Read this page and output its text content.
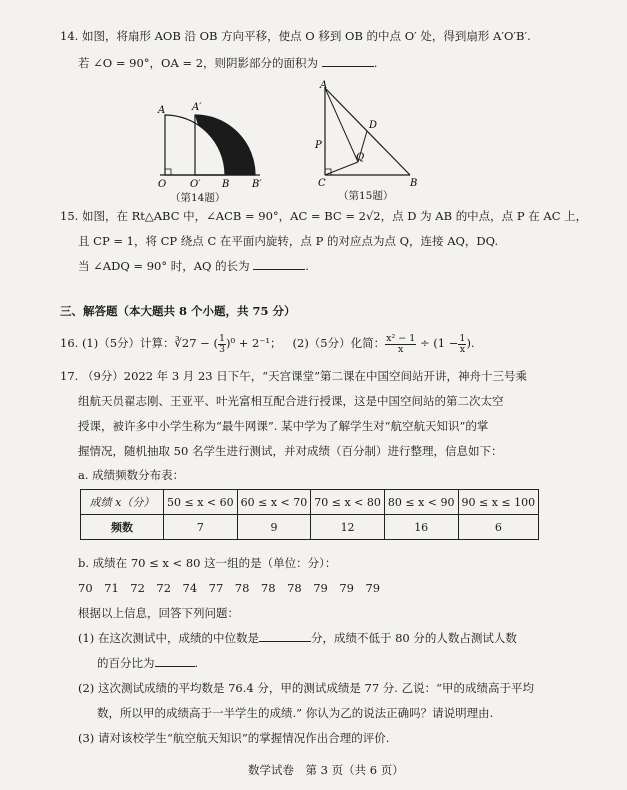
14. 如图，将扇形 AOB 沿 OB 方向平移，使点 O 移到 OB 的中点 O′ 处，得到扇形 A′O′B′.
若 ∠O = 90°，OA = 2，则阴影部分的面积为	.
A	A′
O O′ B B′
（第14题）
A
B
C
D
P
Q
（第15题）
15. 如图，在 Rt△ABC 中，∠ACB = 90°，AC = BC = 2√2，点 D 为 AB 的中点，点 P 在 AC 上，
且 CP = 1，将 CP 绕点 C 在平面内旋转，点 P 的对应点为点 Q，连接 AQ，DQ.
当 ∠ADQ = 90° 时，AQ 的长为	.
三、解答题（本大题共 8 个小题，共 75 分）
16. (1)（5分）计算：∛27 − ( $\frac{1}{3} )^0 + 2^{-1}$； (2)（5分）化简： $\frac{\text{x² − 1}}{x} \div (1 - \frac{1}{x}$ ).
17. （9分）2022 年 3 月 23 日下午，“天宫课堂”第二课在中国空间站开讲，神舟十三号乘
组航天员翟志刚、王亚平、叶光富相互配合进行授课，这是中国空间站的第二次太空
授课，被许多中小学生称为“最牛网课”. 某中学为了解学生对“航空航天知识”的掌
握情况，随机抽取 50 名学生进行测试，并对成绩（百分制）进行整理，信息如下：
a. 成绩频数分布表：
成绩 x（分）	50 ≤ x < 60	60 ≤ x < 70	70 ≤ x < 80	80 ≤ x < 90	90 ≤ x ≤ 100
频数	7	9	12	16	6
b. 成绩在 70 ≤ x < 80 这一组的是（单位：分）：
70　71　72　72　74　77　78　78　78　79　79　79
根据以上信息，回答下列问题：
(1) 在这次测试中，成绩的中位数是	分，成绩不低于 80 分的人数占测试人数
的百分比为	.
(2) 这次测试成绩的平均数是 76.4 分，甲的测试成绩是 77 分. 乙说：“甲的成绩高于平均
数，所以甲的成绩高于一半学生的成绩.” 你认为乙的说法正确吗？请说明理由.
(3) 请对该校学生“航空航天知识”的掌握情况作出合理的评价.
数学试卷　第 3 页（共 6 页）
